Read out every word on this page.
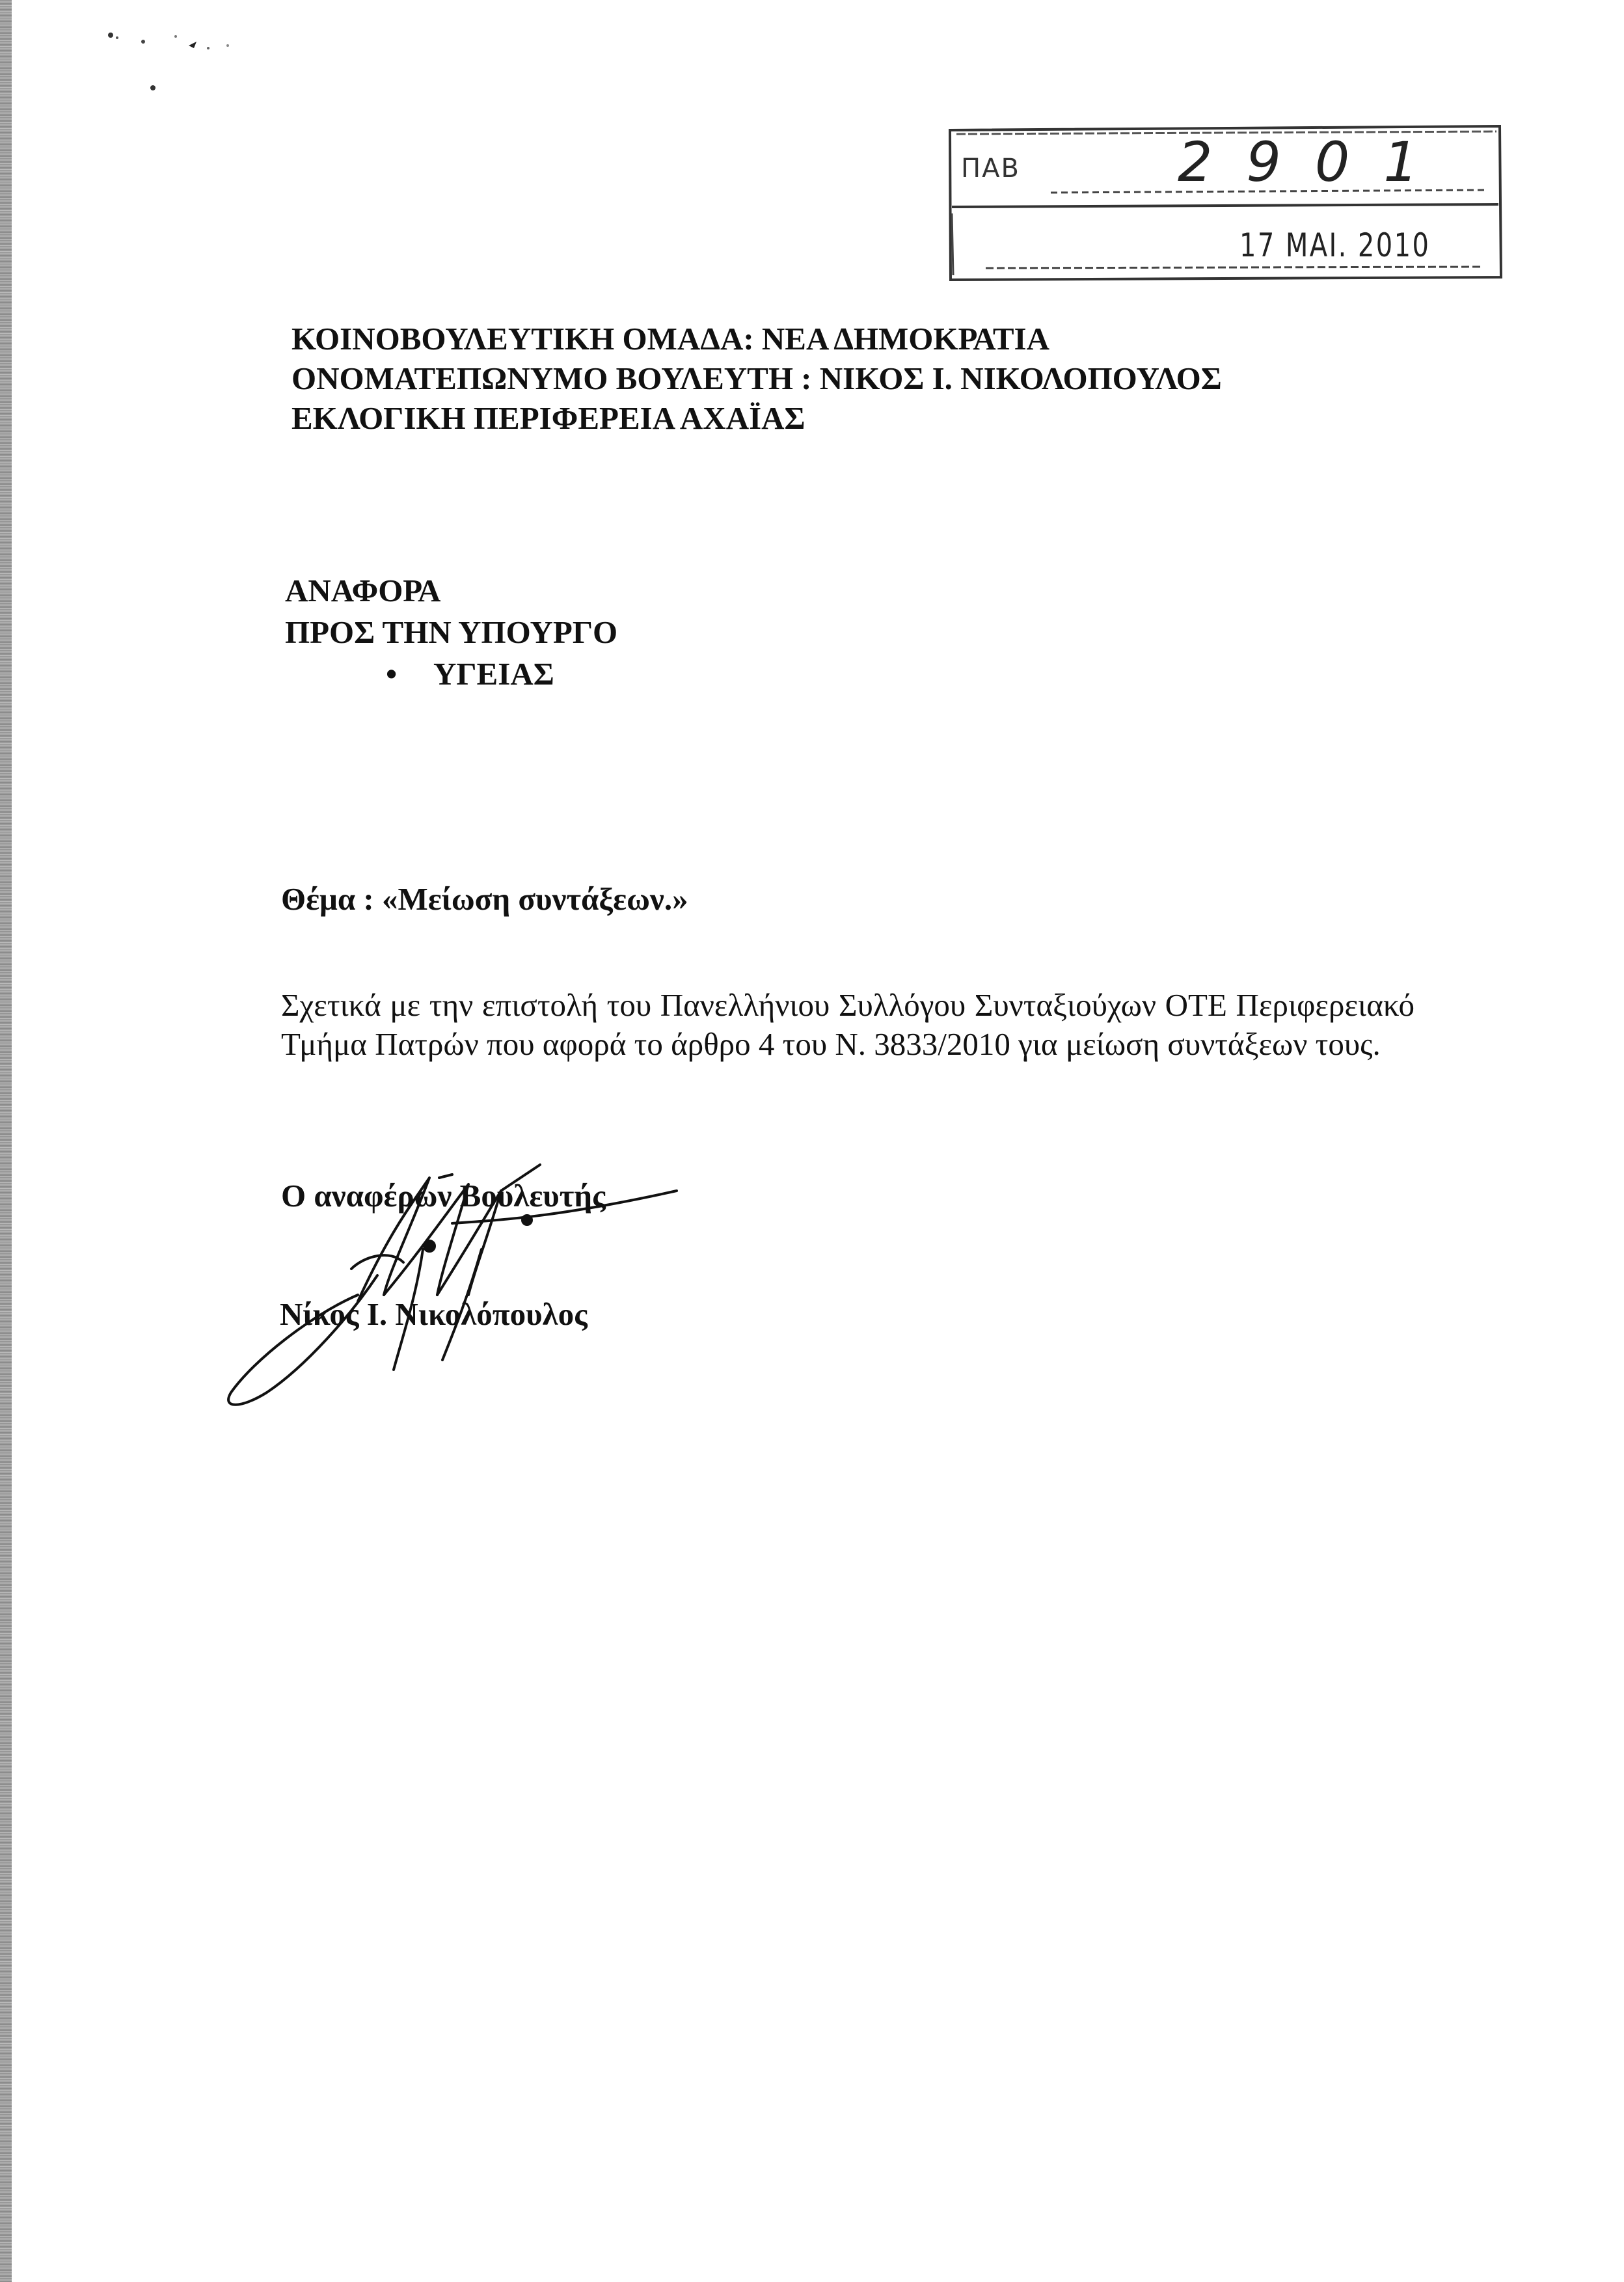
ΠΑΒ	2901
17 MAI. 2010
ΚΟΙΝΟΒΟΥΛΕΥΤΙΚΗ ΟΜΑΔΑ: ΝΕΑ ΔΗΜΟΚΡΑΤΙΑ
ΟΝΟΜΑΤΕΠΩΝΥΜΟ ΒΟΥΛΕΥΤΗ : ΝΙΚΟΣ Ι. ΝΙΚΟΛΟΠΟΥΛΟΣ
ΕΚΛΟΓΙΚΗ ΠΕΡΙΦΕΡΕΙΑ ΑΧΑΪΑΣ
ΑΝΑΦΟΡΑ
ΠΡΟΣ ΤΗΝ ΥΠΟΥΡΓΟ
• ΥΓΕΙΑΣ
Θέμα : «Μείωση συντάξεων.»
Σχετικά με την επιστολή του Πανελλήνιου Συλλόγου Συνταξιούχων ΟΤΕ Περιφερειακό Τμήμα Πατρών που αφορά το άρθρο 4 του Ν. 3833/2010 για μείωση συντάξεων τους.
Ο αναφέρων Βουλευτής
Νίκος Ι. Νικολόπουλος
